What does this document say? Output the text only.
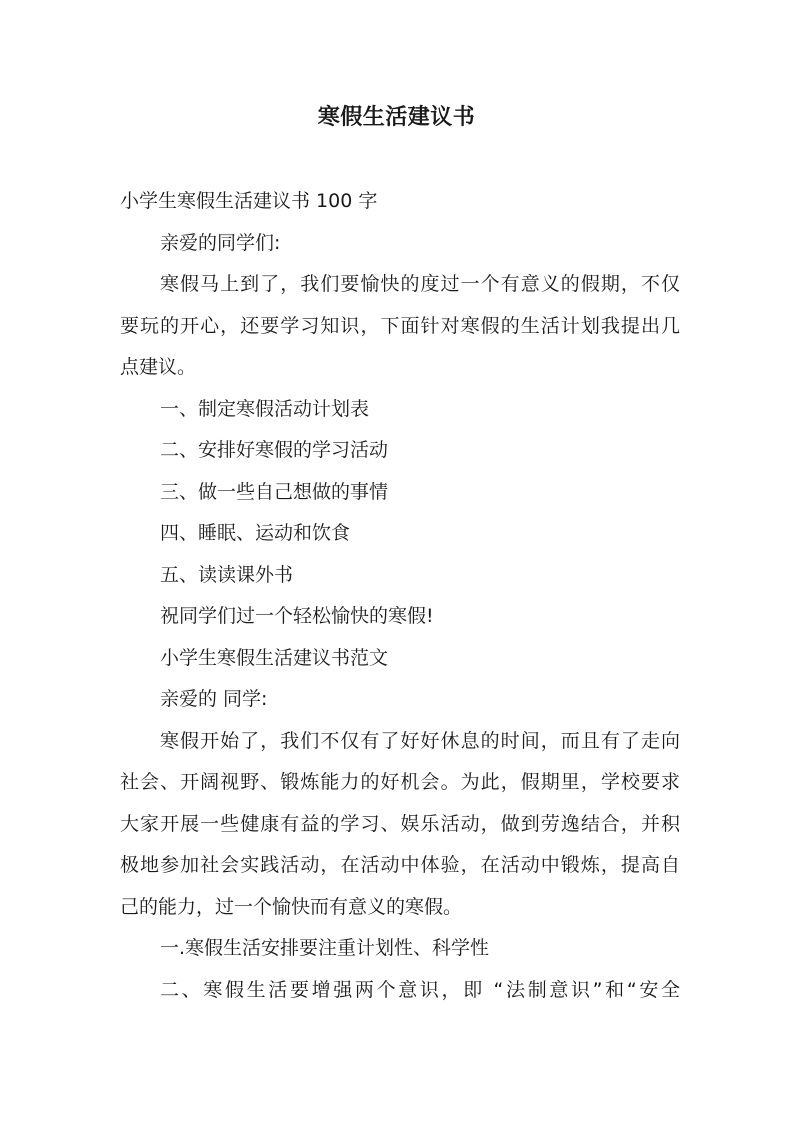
寒假生活建议书
小学生寒假生活建议书 100 字
亲爱的同学们:
寒假马上到了，我们要愉快的度过一个有意义的假期，不仅
要玩的开心，还要学习知识，下面针对寒假的生活计划我提出几
点建议。
一、制定寒假活动计划表
二、安排好寒假的学习活动
三、做一些自己想做的事情
四、睡眠、运动和饮食
五、读读课外书
祝同学们过一个轻松愉快的寒假!
小学生寒假生活建议书范文
亲爱的 同学:
寒假开始了，我们不仅有了好好休息的时间，而且有了走向
社会、开阔视野、锻炼能力的好机会。为此，假期里，学校要求
大家开展一些健康有益的学习、娱乐活动，做到劳逸结合，并积
极地参加社会实践活动，在活动中体验，在活动中锻炼，提高自
己的能力，过一个愉快而有意义的寒假。
一.寒假生活安排要注重计划性、科学性
二、寒假生活要增强两个意识，即 “法制意识”和“安全
